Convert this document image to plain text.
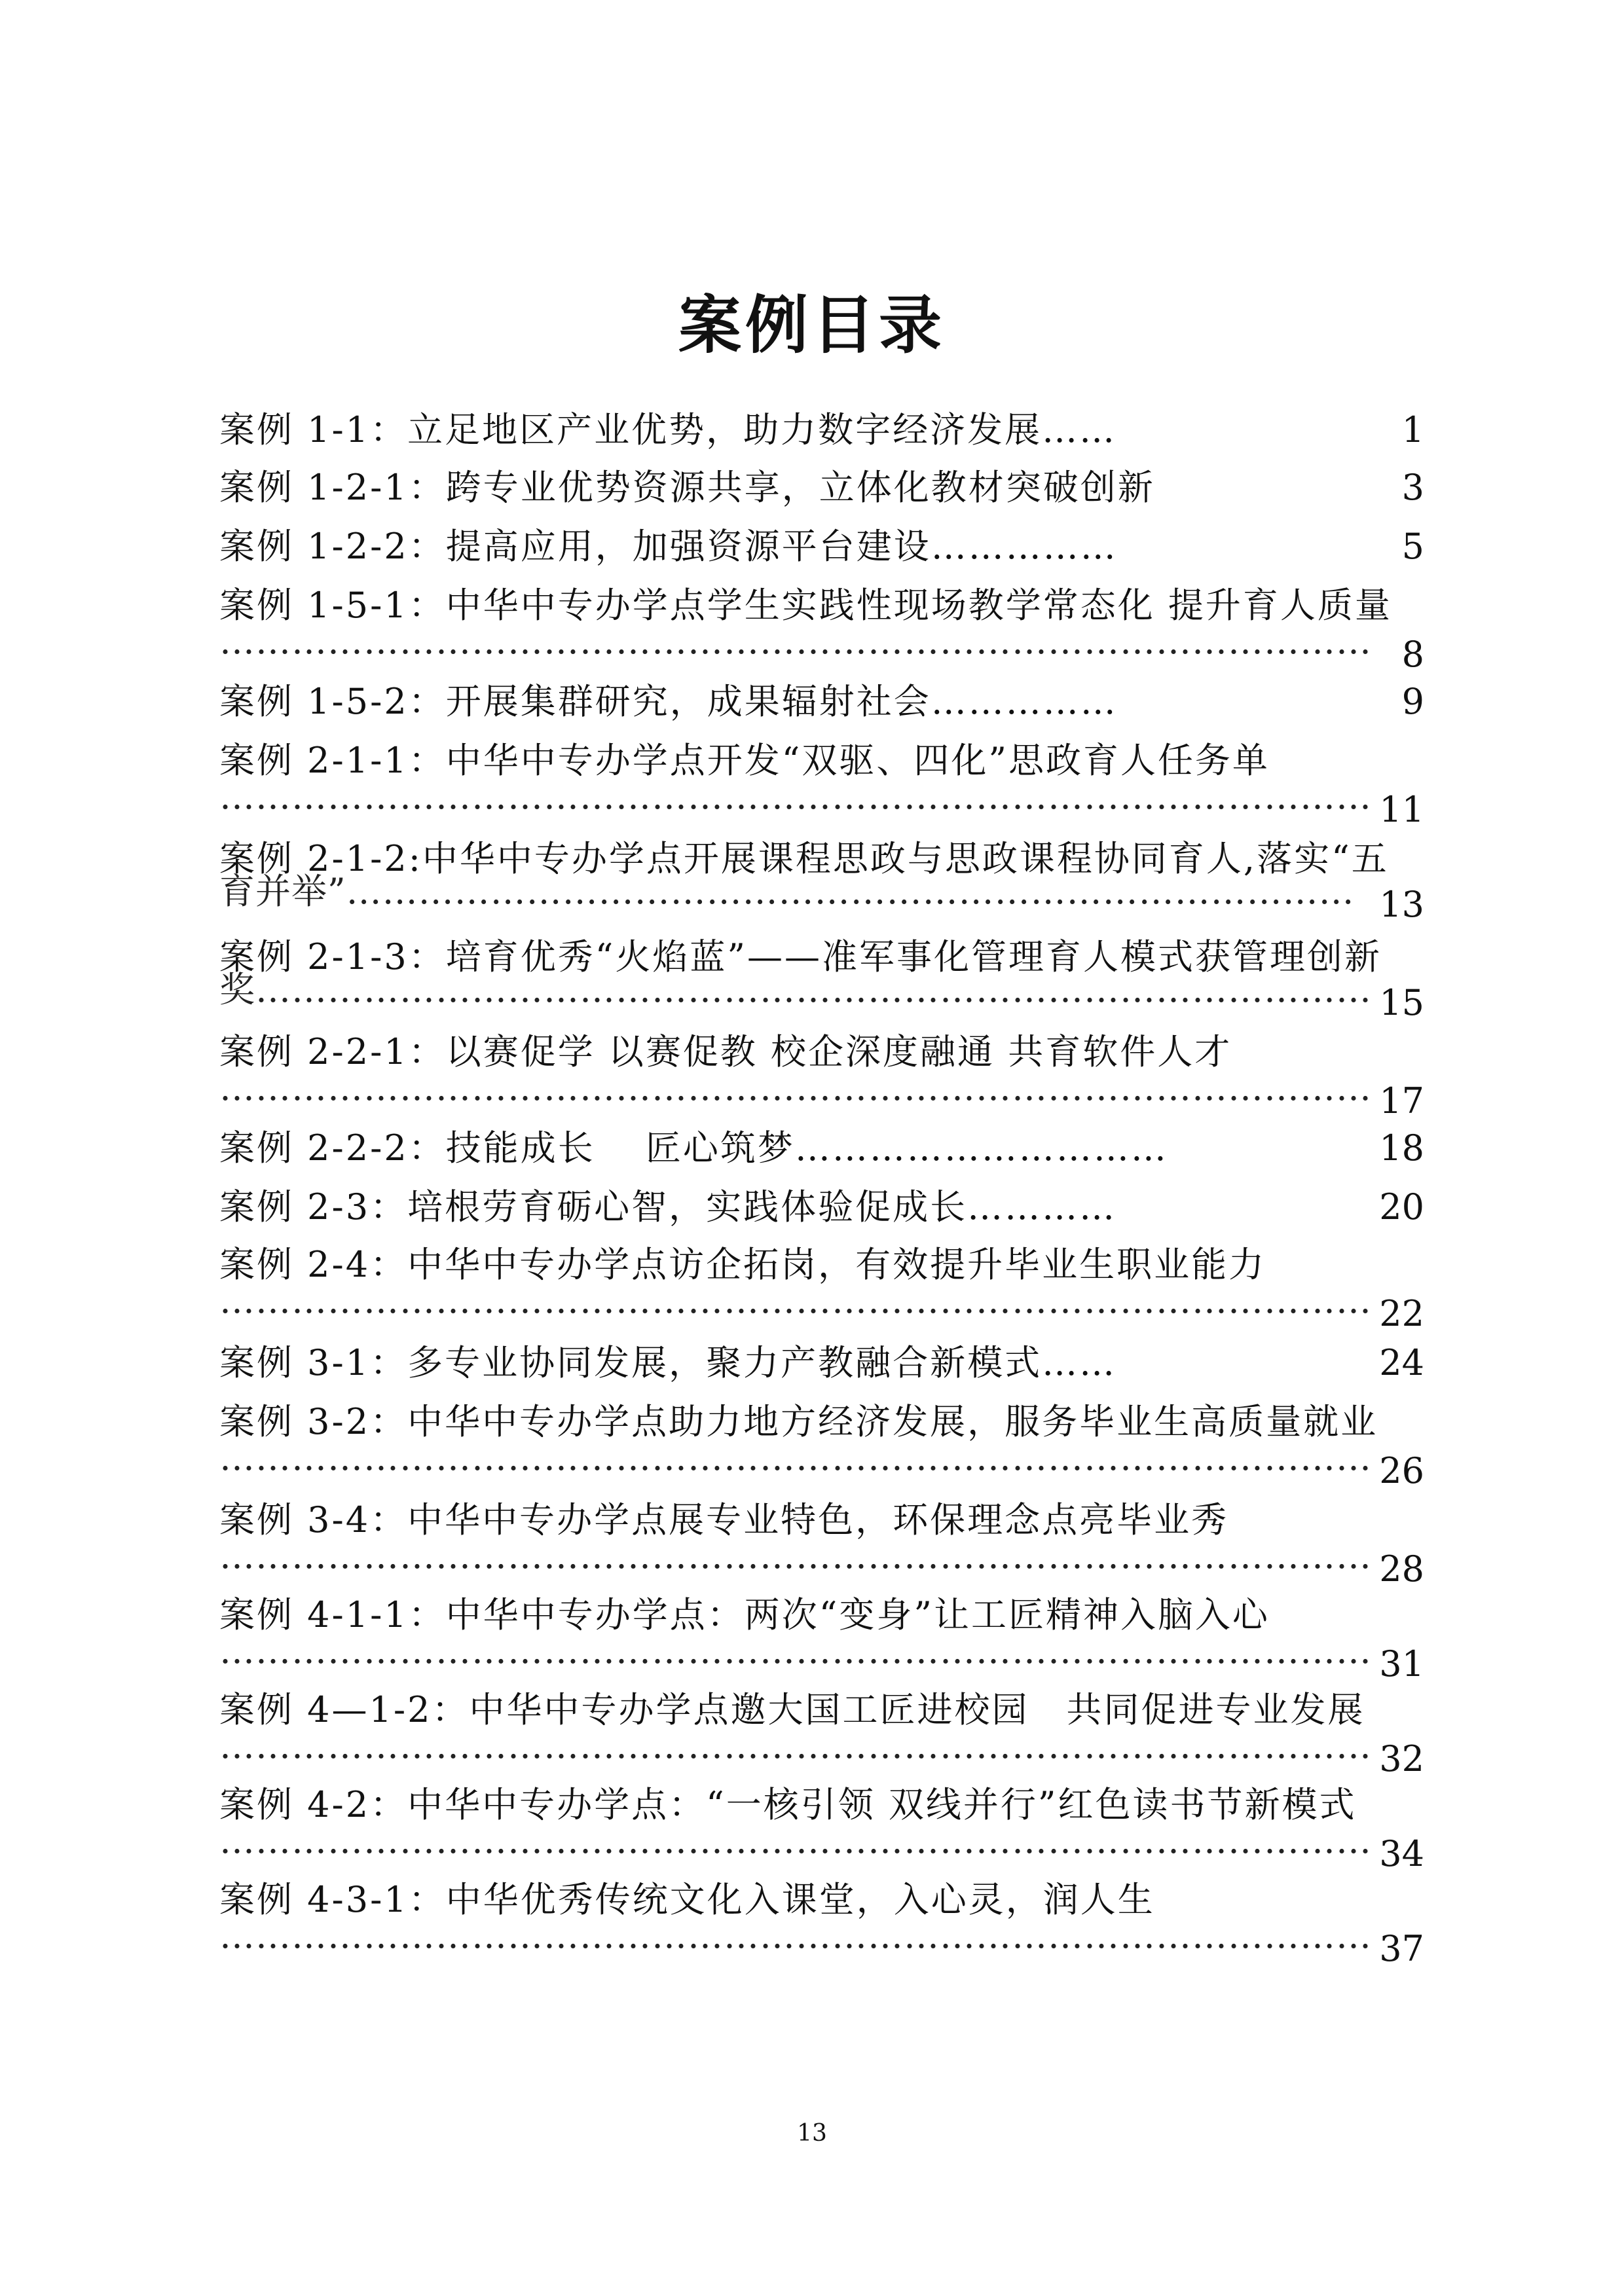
案例目录
案例 1-1：立足地区产业优势，助力数字经济发展……	1
案例 1-2-1：跨专业优势资源共享，立体化教材突破创新	3
案例 1-2-2：提高应用，加强资源平台建设……………	5
案例 1-5-1：中华中专办学点学生实践性现场教学常态化 提升育人质量
…………………………………………………………………………………… 8
案例 1-5-2：开展集群研究，成果辐射社会……………	9
案例 2-1-1：中华中专办学点开发“双驱、四化”思政育人任务单
…………………………………………………………………………………… 11
案例 2-1-2:中华中专办学点开展课程思政与思政课程协同育人,落实“五
育并举”………………………………………………………………………… 13
案例 2-1-3：培育优秀“火焰蓝”——准军事化管理育人模式获管理创新
奖………………………………………………………………………………… 15
案例 2-2-1：以赛促学 以赛促教 校企深度融通 共育软件人才
…………………………………………………………………………………… 17
案例 2-2-2：技能成长　 匠心筑梦…………………………	18
案例 2-3：培根劳育砺心智，实践体验促成长…………	20
案例 2-4：中华中专办学点访企拓岗，有效提升毕业生职业能力
…………………………………………………………………………………… 22
案例 3-1：多专业协同发展，聚力产教融合新模式……	24
案例 3-2：中华中专办学点助力地方经济发展，服务毕业生高质量就业
…………………………………………………………………………………… 26
案例 3-4：中华中专办学点展专业特色，环保理念点亮毕业秀
…………………………………………………………………………………… 28
案例 4-1-1：中华中专办学点：两次“变身”让工匠精神入脑入心
…………………………………………………………………………………… 31
案例 4—1-2：中华中专办学点邀大国工匠进校园　共同促进专业发展
…………………………………………………………………………………… 32
案例 4-2：中华中专办学点：“一核引领 双线并行”红色读书节新模式
…………………………………………………………………………………… 34
案例 4-3-1：中华优秀传统文化入课堂，入心灵，润人生
…………………………………………………………………………………… 37
13
